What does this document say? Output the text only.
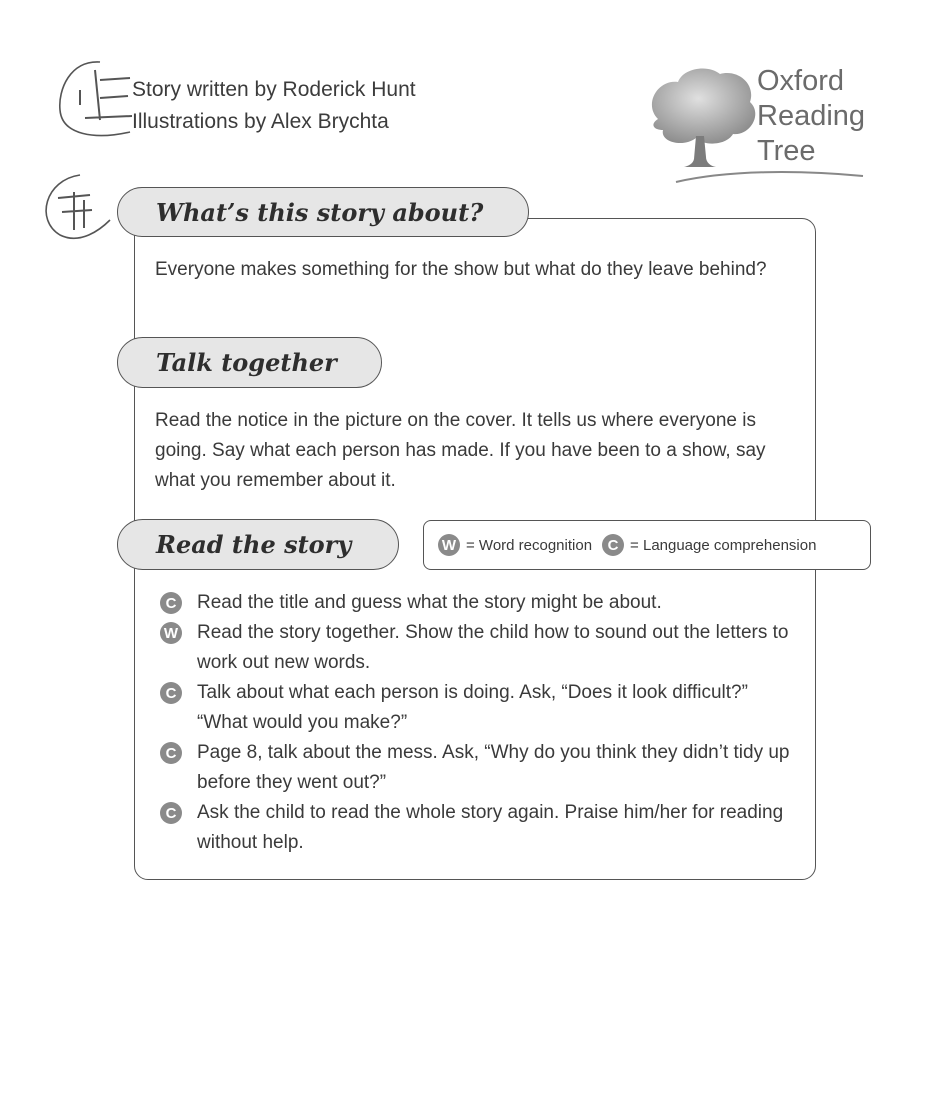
Story written by Roderick Hunt
Illustrations by Alex Brychta
Oxford
Reading
Tree
What’s this story about?
Everyone makes something for the show but what do they leave behind?
Talk together
Read the notice in the picture on the cover. It tells us where everyone is going. Say what each person has made. If you have been to a show, say what you remember about it.
Read the story	W = Word recognition	C = Language comprehension
C Read the title and guess what the story might be about.
W Read the story together. Show the child how to sound out the letters to work out new words.
C Talk about what each person is doing. Ask, “Does it look difficult?” “What would you make?”
C Page 8, talk about the mess. Ask, “Why do you think they didn’t tidy up before they went out?”
C Ask the child to read the whole story again. Praise him/her for reading without help.
